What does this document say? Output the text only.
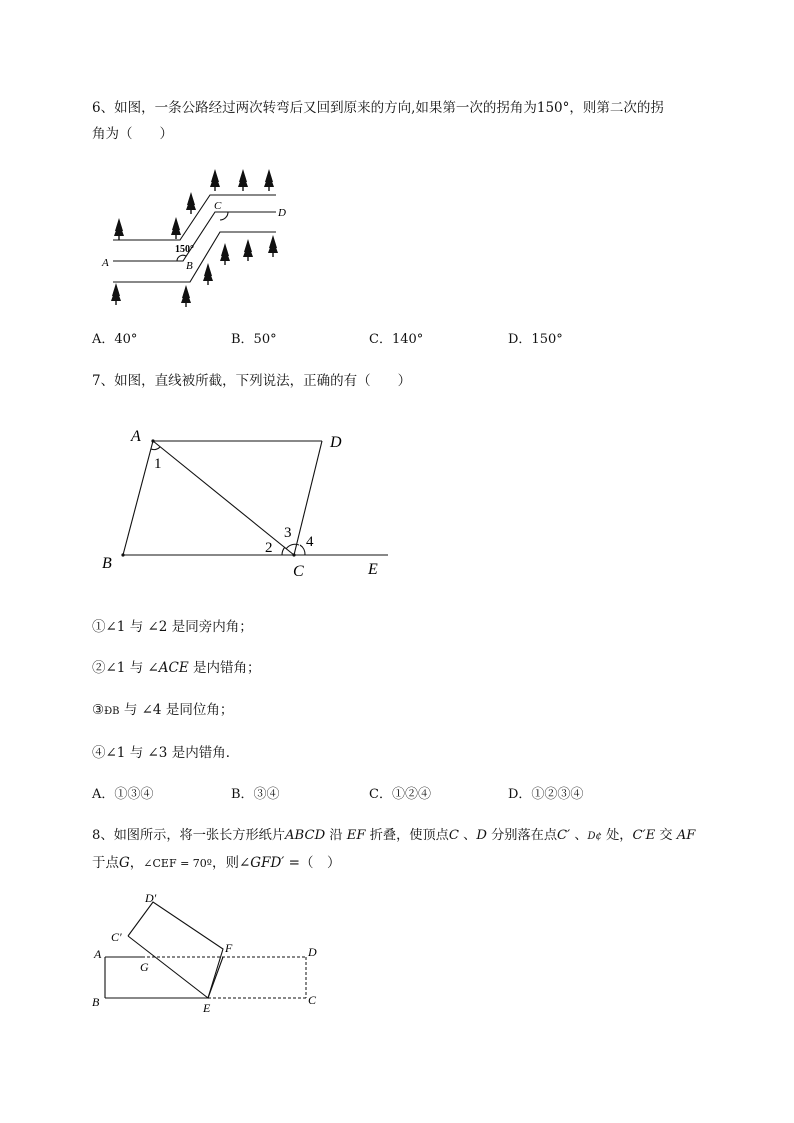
6、如图，一条公路经过两次转弯后又回到原来的方向,如果第一次的拐角为150°，则第二次的拐
角为（　　）
A	B
C
D
150°
A．40°	B．50°	C．140°	D．150°
7、如图，直线被所截，下列说法，正确的有（　　）
A	D
B	C	E
1
2
3
4
①∠1 与 ∠2 是同旁内角；
②∠1 与 ∠ACE 是内错角；
③ÐB 与 ∠4 是同位角；
④∠1 与 ∠3 是内错角．
A．①③④	B．③④	C．①②④	D．①②③④
8、如图所示，将一张长方形纸片ABCD 沿 EF 折叠，使顶点C 、D 分别落在点C′ 、D¢ 处，C′E 交 AF
于点G，∠CEF = 70º，则∠GFD′ =（　）
A
B
D
C
E
F
G
C′
D′
